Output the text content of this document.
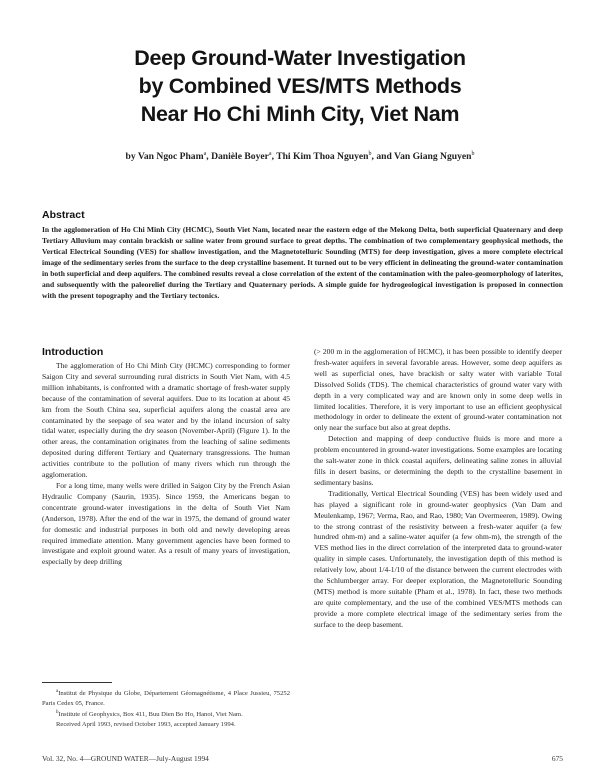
Deep Ground-Water Investigation
by Combined VES/MTS Methods
Near Ho Chi Minh City, Viet Nam
by Van Ngoc Pham$^a$, Danièle Boyer$^a$, Thi Kim Thoa Nguyen$^b$, and Van Giang Nguyen$^b$
Abstract
In the agglomeration of Ho Chi Minh City (HCMC), South Viet Nam, located near the eastern edge of the Mekong Delta, both superficial Quaternary and deep Tertiary Alluvium may contain brackish or saline water from ground surface to great depths. The combination of two complementary geophysical methods, the Vertical Electrical Sounding (VES) for shallow investigation, and the Magnetotelluric Sounding (MTS) for deep investigation, gives a more complete electrical image of the sedimentary series from the surface to the deep crystalline basement. It turned out to be very efficient in delineating the ground-water contamination in both superficial and deep aquifers. The combined results reveal a close correlation of the extent of the contamination with the paleo-geomorphology of laterites, and subsequently with the paleorelief during the Tertiary and Quaternary periods. A simple guide for hydrogeological investigation is proposed in connection with the present topography and the Tertiary tectonics.
Introduction

The agglomeration of Ho Chi Minh City (HCMC) corresponding to former Saigon City and several surrounding rural districts in South Viet Nam, with 4.5 million inhabitants, is confronted with a dramatic shortage of fresh-water supply because of the contamination of several aquifers. Due to its location at about 45 km from the South China sea, superficial aquifers along the coastal area are contaminated by the seepage of sea water and by the inland incursion of salty tidal water, especially during the dry season (November-April) (Figure 1). In the other areas, the contamination originates from the leaching of saline sediments deposited during different Tertiary and Quaternary transgressions. The human activities contribute to the pollution of many rivers which run through the agglomeration.

For a long time, many wells were drilled in Saigon City by the French Asian Hydraulic Company (Saurin, 1935). Since 1959, the Americans began to concentrate ground-water investigations in the delta of South Viet Nam (Anderson, 1978). After the end of the war in 1975, the demand of ground water for domestic and industrial purposes in both old and newly developing areas required immediate attention. Many government agencies have been formed to investigate and exploit ground water. As a result of many years of investigation, especially by deep drilling

(> 200 m in the agglomeration of HCMC), it has been possible to identify deeper fresh-water aquifers in several favorable areas. However, some deep aquifers as well as superficial ones, have brackish or salty water with variable Total Dissolved Solids (TDS). The chemical characteristics of ground water vary with depth in a very complicated way and are known only in some deep wells in limited localities. Therefore, it is very important to use an efficient geophysical methodology in order to delineate the extent of ground-water contamination not only near the surface but also at great depths.

Detection and mapping of deep conductive fluids is more and more a problem encountered in ground-water investigations. Some examples are locating the salt-water zone in thick coastal aquifers, delineating saline zones in alluvial fills in desert basins, or determining the depth to the crystalline basement in sedimentary basins.

Traditionally, Vertical Electrical Sounding (VES) has been widely used and has played a significant role in ground-water geophysics (Van Dam and Meulenkamp, 1967; Verma, Rao, and Rao, 1980; Van Overmeeren, 1989). Owing to the strong contrast of the resistivity between a fresh-water aquifer (a few hundred ohm-m) and a saline-water aquifer (a few ohm-m), the strength of the VES method lies in the direct correlation of the interpreted data to ground-water quality in simple cases. Unfortunately, the investigation depth of this method is relatively low, about 1/4-1/10 of the distance between the current electrodes with the Schlumberger array. For deeper exploration, the Magnetotelluric Sounding (MTS) method is more suitable (Pham et al., 1978). In fact, these two methods are quite complementary, and the use of the combined VES/MTS methods can provide a more complete electrical image of the sedimentary series from the surface to the deep basement.

$^a$Institut de Physique du Globe, Département Géomagnétisme, 4 Place Jussieu, 75252 Paris Cedex 05, France.

$^b$Institute of Geophysics, Box 411, Buu Dien Bo Ho, Hanoi, Viet Nam.

Received April 1993, revised October 1993, accepted January 1994.

Vol. 32, No. 4—GROUND WATER—July-August 1994	675
